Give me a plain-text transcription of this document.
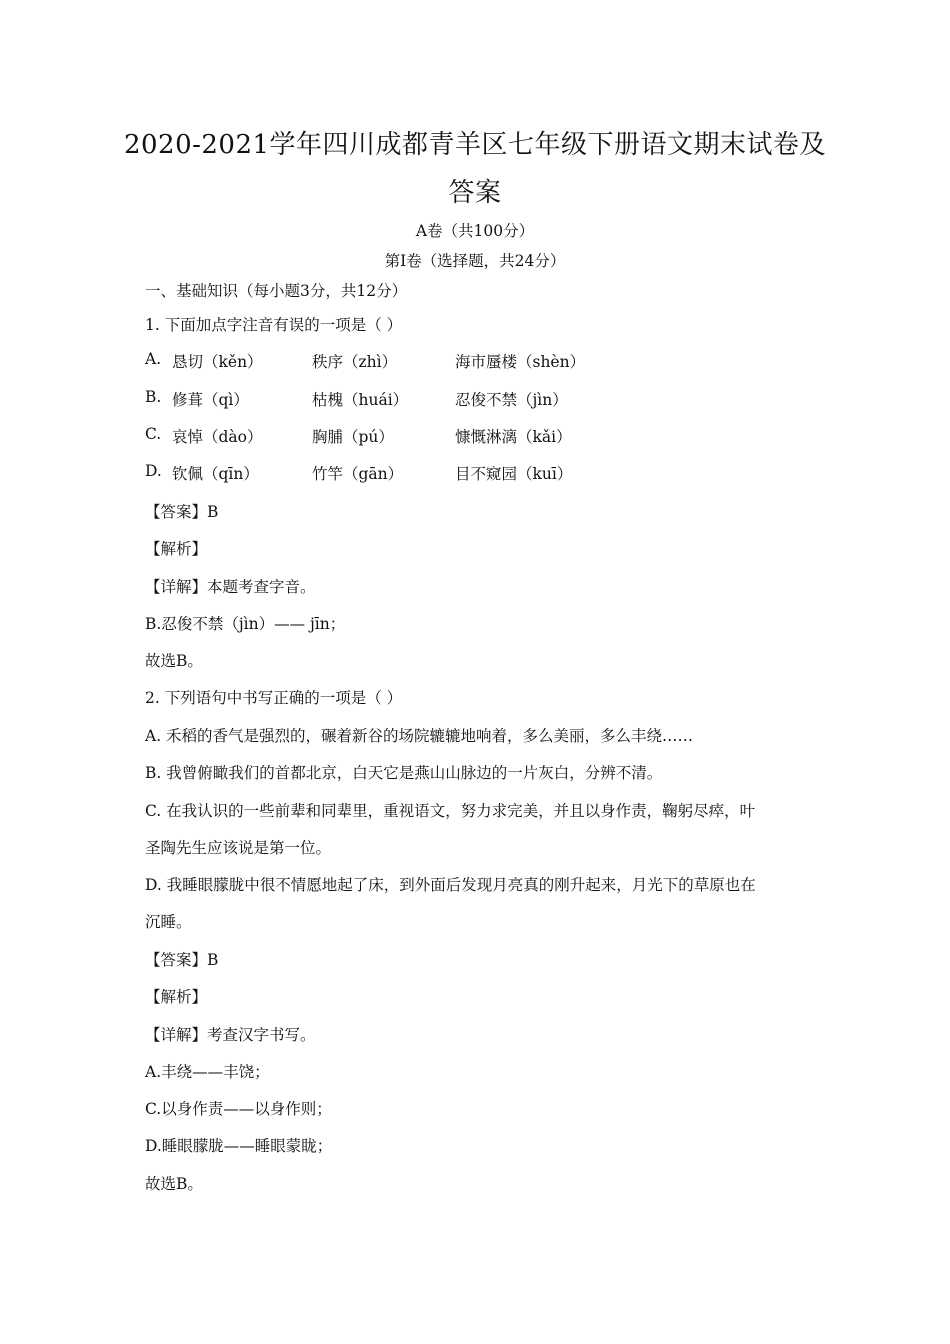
2020-2021学年四川成都青羊区七年级下册语文期末试卷及
答案
A卷（共100分）
第I卷（选择题，共24分）
一、基础知识（每小题3分，共12分）
1. 下面加点字注音有误的一项是（ ）
A. 恳切（kěn）	秩序（zhì）	海市蜃楼（shèn）
B. 修葺（qì）	枯槐（huái）	忍俊不禁（jìn）
C. 哀悼（dào）	胸脯（pú）	慷慨淋漓（kǎi）
D. 钦佩（qīn）	竹竿（gān）	目不窥园（kuī）
【答案】B
【解析】
【详解】本题考查字音。
B.忍俊不禁（jìn）—— jīn；
故选B。
2. 下列语句中书写正确的一项是（ ）
A. 禾稻的香气是强烈的，碾着新谷的场院辘辘地响着，多么美丽，多么丰绕……
B. 我曾俯瞰我们的首都北京，白天它是燕山山脉边的一片灰白，分辨不清。
C. 在我认识的一些前辈和同辈里，重视语文，努力求完美，并且以身作责，鞠躬尽瘁，叶
圣陶先生应该说是第一位。
D. 我睡眼朦胧中很不情愿地起了床，到外面后发现月亮真的刚升起来，月光下的草原也在
沉睡。
【答案】B
【解析】
【详解】考查汉字书写。
A.丰绕——丰饶；
C.以身作责——以身作则；
D.睡眼朦胧——睡眼蒙眬；
故选B。
